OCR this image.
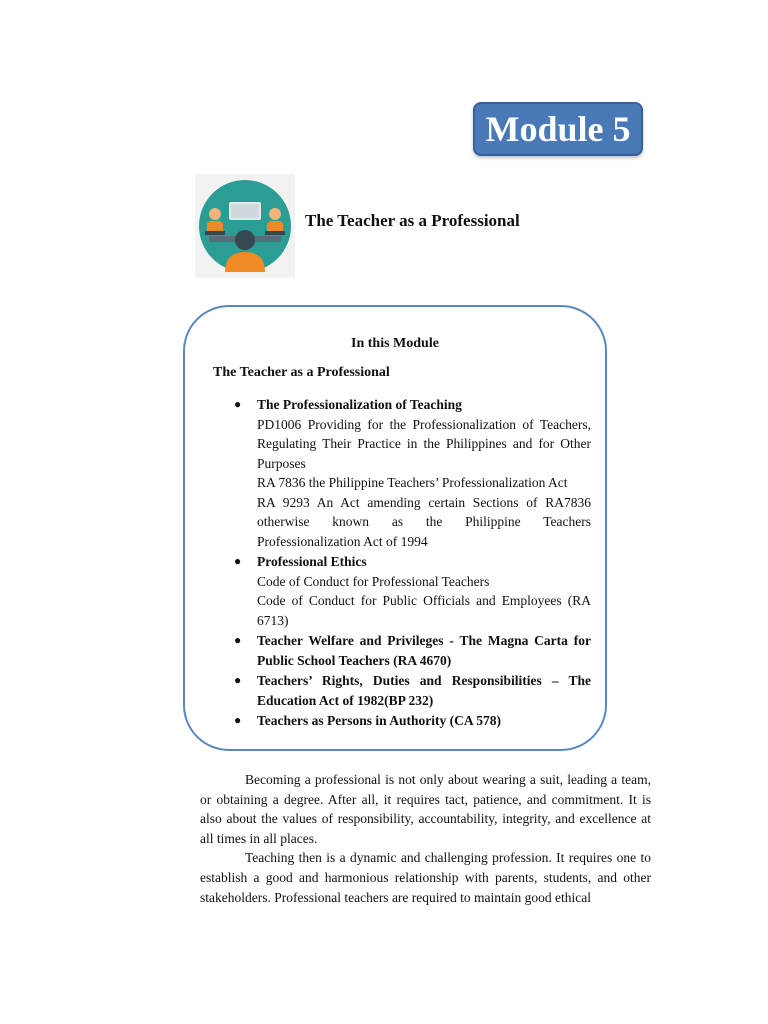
Module 5
The Teacher as a Professional
In this Module
The Teacher as a Professional
● The Professionalization of Teaching
PD1006 Providing for the Professionalization of Teachers, Regulating Their Practice in the Philippines and for Other Purposes
RA 7836 the Philippine Teachers’ Professionalization Act
RA 9293 An Act amending certain Sections of RA7836 otherwise known as the Philippine Teachers Professionalization Act of 1994
● Professional Ethics
Code of Conduct for Professional Teachers
Code of Conduct for Public Officials and Employees (RA 6713)
● Teacher Welfare and Privileges - The Magna Carta for Public School Teachers (RA 4670)
● Teachers’ Rights, Duties and Responsibilities – The Education Act of 1982(BP 232)
● Teachers as Persons in Authority (CA 578)

Becoming a professional is not only about wearing a suit, leading a team, or obtaining a degree. After all, it requires tact, patience, and commitment. It is also about the values of responsibility, accountability, integrity, and excellence at all times in all places.

Teaching then is a dynamic and challenging profession. It requires one to establish a good and harmonious relationship with parents, students, and other stakeholders. Professional teachers are required to maintain good ethical
